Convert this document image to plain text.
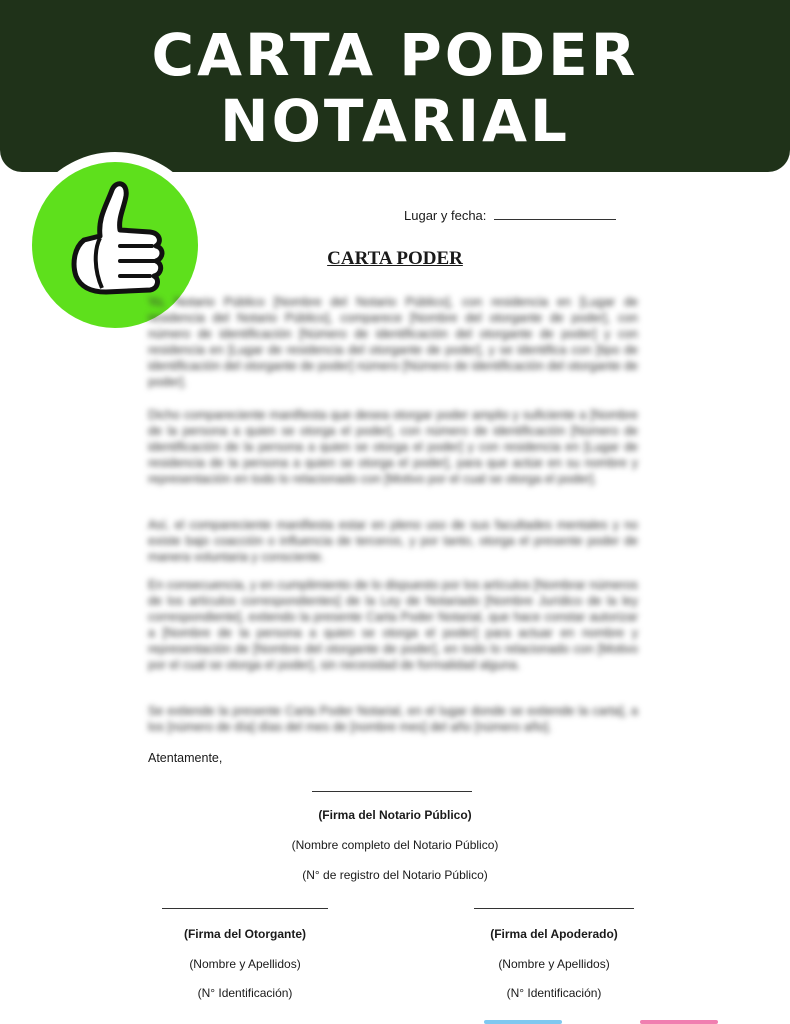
CARTA PODER
NOTARIAL
Lugar y fecha:
CARTA PODER
Yo, Notario Público [Nombre del Notario Público], con residencia en [Lugar de residencia del Notario Público], comparece [Nombre del otorgante de poder], con número de identificación [Número de identificación del otorgante de poder] y con residencia en [Lugar de residencia del otorgante de poder], y se identifica con [tipo de identificación del otorgante de poder] número [Número de identificación del otorgante de poder].
Dicho compareciente manifiesta que desea otorgar poder amplio y suficiente a [Nombre de la persona a quien se otorga el poder], con número de identificación [Número de identificación de la persona a quien se otorga el poder] y con residencia en [Lugar de residencia de la persona a quien se otorga el poder], para que actúe en su nombre y representación en todo lo relacionado con [Motivo por el cual se otorga el poder].
Así, el compareciente manifiesta estar en pleno uso de sus facultades mentales y no existe bajo coacción o influencia de terceros, y por tanto, otorga el presente poder de manera voluntaria y consciente.
En consecuencia, y en cumplimiento de lo dispuesto por los artículos [Nombrar números de los artículos correspondientes] de la Ley de Notariado [Nombre Jurídico de la ley correspondiente], extiendo la presente Carta Poder Notarial, que hace constar autorizar a [Nombre de la persona a quien se otorga el poder] para actuar en nombre y representación de [Nombre del otorgante de poder], en todo lo relacionado con [Motivo por el cual se otorga el poder], sin necesidad de formalidad alguna.
Se extiende la presente Carta Poder Notarial, en el lugar donde se extiende la carta], a los [número de día] días del mes de [nombre mes] del año [número año].
Atentamente,
(Firma del Notario Público)
(Nombre completo del Notario Público)
(N° de registro del Notario Público)
(Firma del Otorgante)
(Nombre y Apellidos)
(N° Identificación)
(Firma del Apoderado)
(Nombre y Apellidos)
(N° Identificación)
